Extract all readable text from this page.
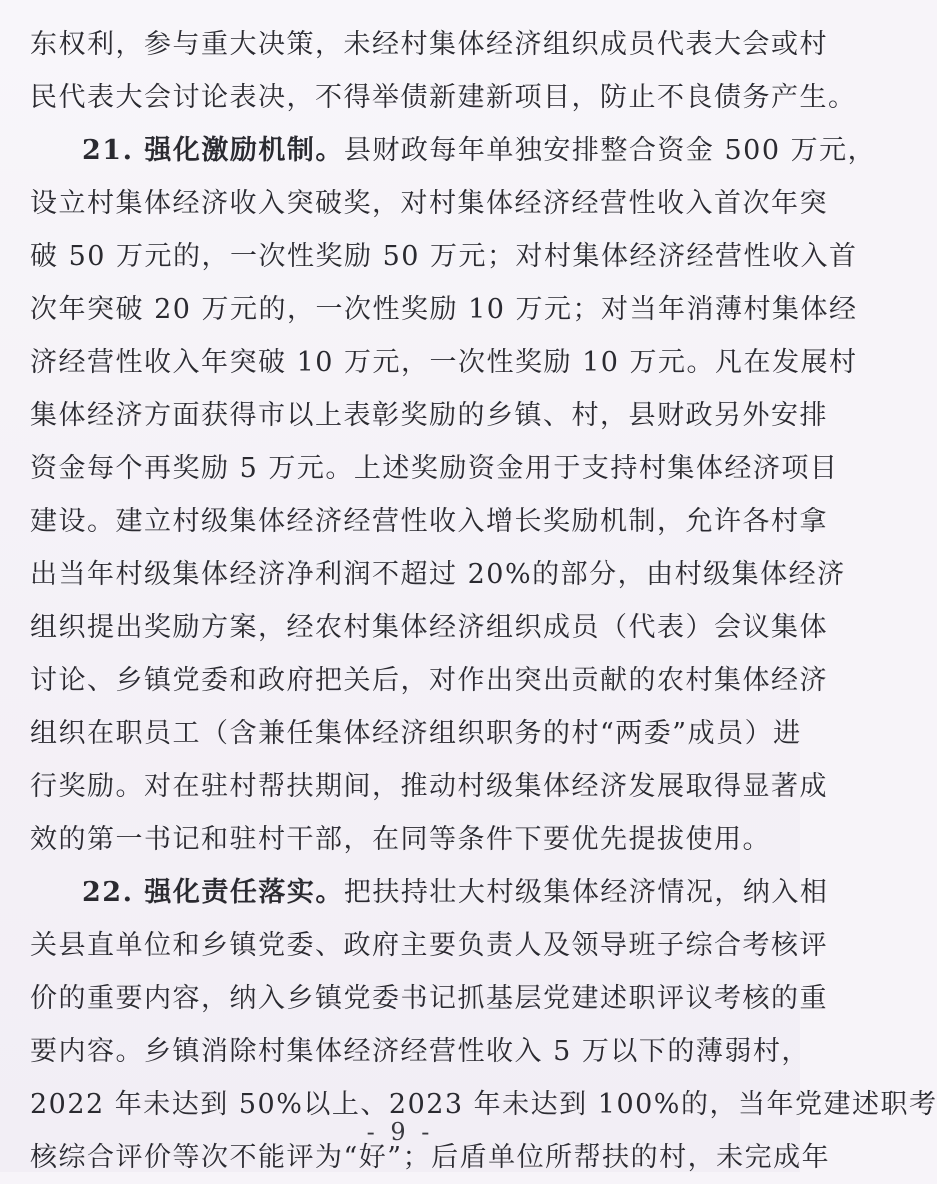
东权利，参与重大决策，未经村集体经济组织成员代表大会或村
民代表大会讨论表决，不得举债新建新项目，防止不良债务产生。
21. 强化激励机制。县财政每年单独安排整合资金 500 万元，
设立村集体经济收入突破奖，对村集体经济经营性收入首次年突
破 50 万元的，一次性奖励 50 万元；对村集体经济经营性收入首
次年突破 20 万元的，一次性奖励 10 万元；对当年消薄村集体经
济经营性收入年突破 10 万元，一次性奖励 10 万元。凡在发展村
集体经济方面获得市以上表彰奖励的乡镇、村，县财政另外安排
资金每个再奖励 5 万元。上述奖励资金用于支持村集体经济项目
建设。建立村级集体经济经营性收入增长奖励机制，允许各村拿
出当年村级集体经济净利润不超过 20%的部分，由村级集体经济
组织提出奖励方案，经农村集体经济组织成员（代表）会议集体
讨论、乡镇党委和政府把关后，对作出突出贡献的农村集体经济
组织在职员工（含兼任集体经济组织职务的村“两委”成员）进
行奖励。对在驻村帮扶期间，推动村级集体经济发展取得显著成
效的第一书记和驻村干部，在同等条件下要优先提拔使用。
22. 强化责任落实。把扶持壮大村级集体经济情况，纳入相
关县直单位和乡镇党委、政府主要负责人及领导班子综合考核评
价的重要内容，纳入乡镇党委书记抓基层党建述职评议考核的重
要内容。乡镇消除村集体经济经营性收入 5 万以下的薄弱村，
2022 年未达到 50%以上、2023 年未达到 100%的，当年党建述职考
核综合评价等次不能评为“好”；后盾单位所帮扶的村，未完成年
- 9 -
